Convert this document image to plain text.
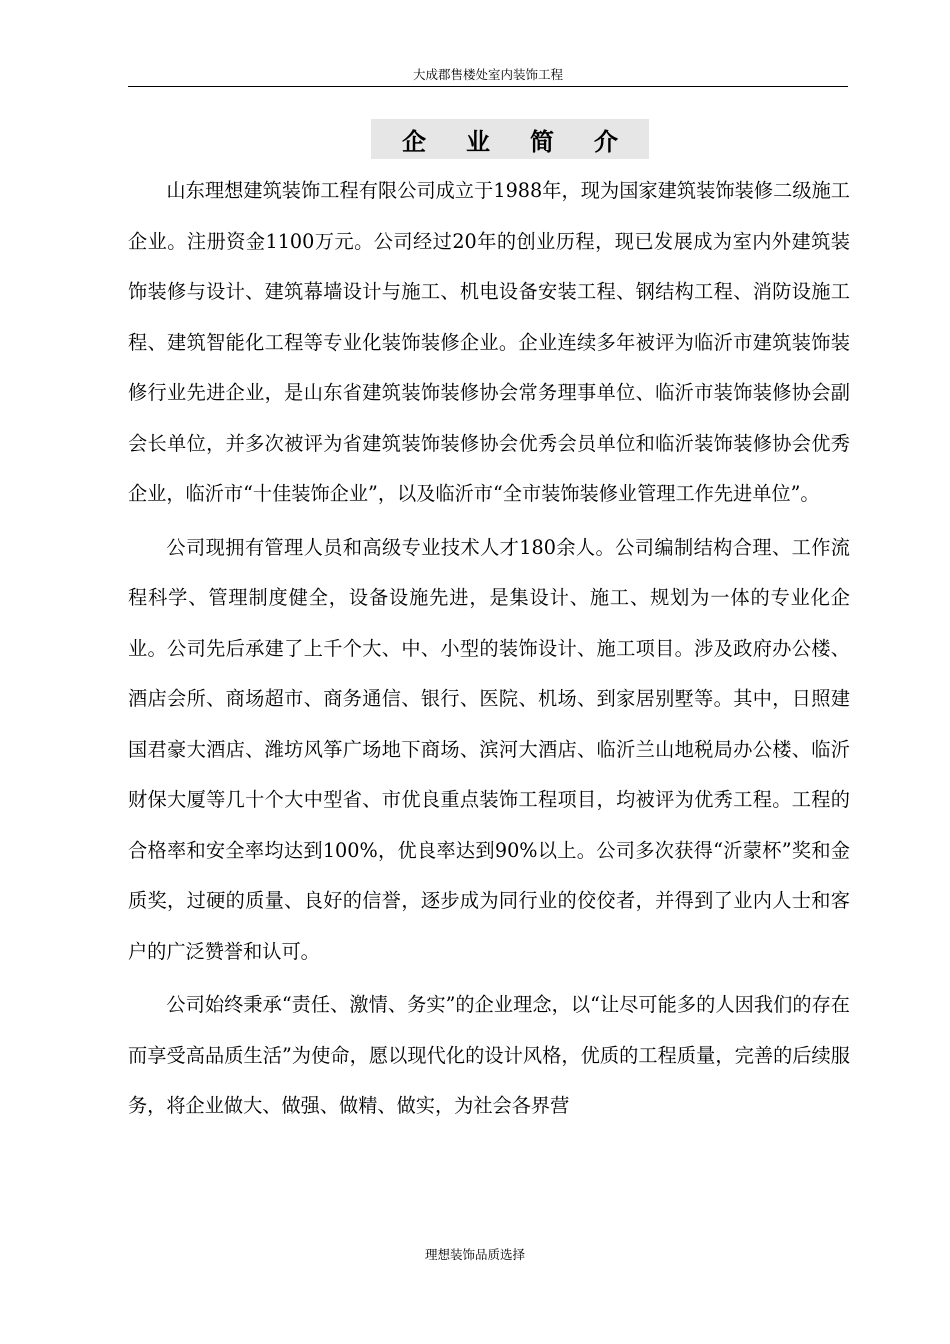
大成郡售楼处室内装饰工程
企业简介

山东理想建筑装饰工程有限公司成立于1988年，现为国家建筑装饰装修二级施工企业。注册资金1100万元。公司经过20年的创业历程，现已发展成为室内外建筑装饰装修与设计、建筑幕墙设计与施工、机电设备安装工程、钢结构工程、消防设施工程、建筑智能化工程等专业化装饰装修企业。企业连续多年被评为临沂市建筑装饰装修行业先进企业，是山东省建筑装饰装修协会常务理事单位、临沂市装饰装修协会副会长单位，并多次被评为省建筑装饰装修协会优秀会员单位和临沂装饰装修协会优秀企业，临沂市“十佳装饰企业”，以及临沂市“全市装饰装修业管理工作先进单位”。

公司现拥有管理人员和高级专业技术人才180余人。公司编制结构合理、工作流程科学、管理制度健全，设备设施先进，是集设计、施工、规划为一体的专业化企业。公司先后承建了上千个大、中、小型的装饰设计、施工项目。涉及政府办公楼、酒店会所、商场超市、商务通信、银行、医院、机场、到家居别墅等。其中，日照建国君豪大酒店、潍坊风筝广场地下商场、滨河大酒店、临沂兰山地税局办公楼、临沂财保大厦等几十个大中型省、市优良重点装饰工程项目，均被评为优秀工程。工程的合格率和安全率均达到100%，优良率达到90%以上。公司多次获得“沂蒙杯”奖和金质奖，过硬的质量、良好的信誉，逐步成为同行业的佼佼者，并得到了业内人士和客户的广泛赞誉和认可。

公司始终秉承“责任、激情、务实”的企业理念，以“让尽可能多的人因我们的存在而享受高品质生活”为使命，愿以现代化的设计风格，优质的工程质量，完善的后续服务，将企业做大、做强、做精、做实，为社会各界营

理想装饰品质选择
